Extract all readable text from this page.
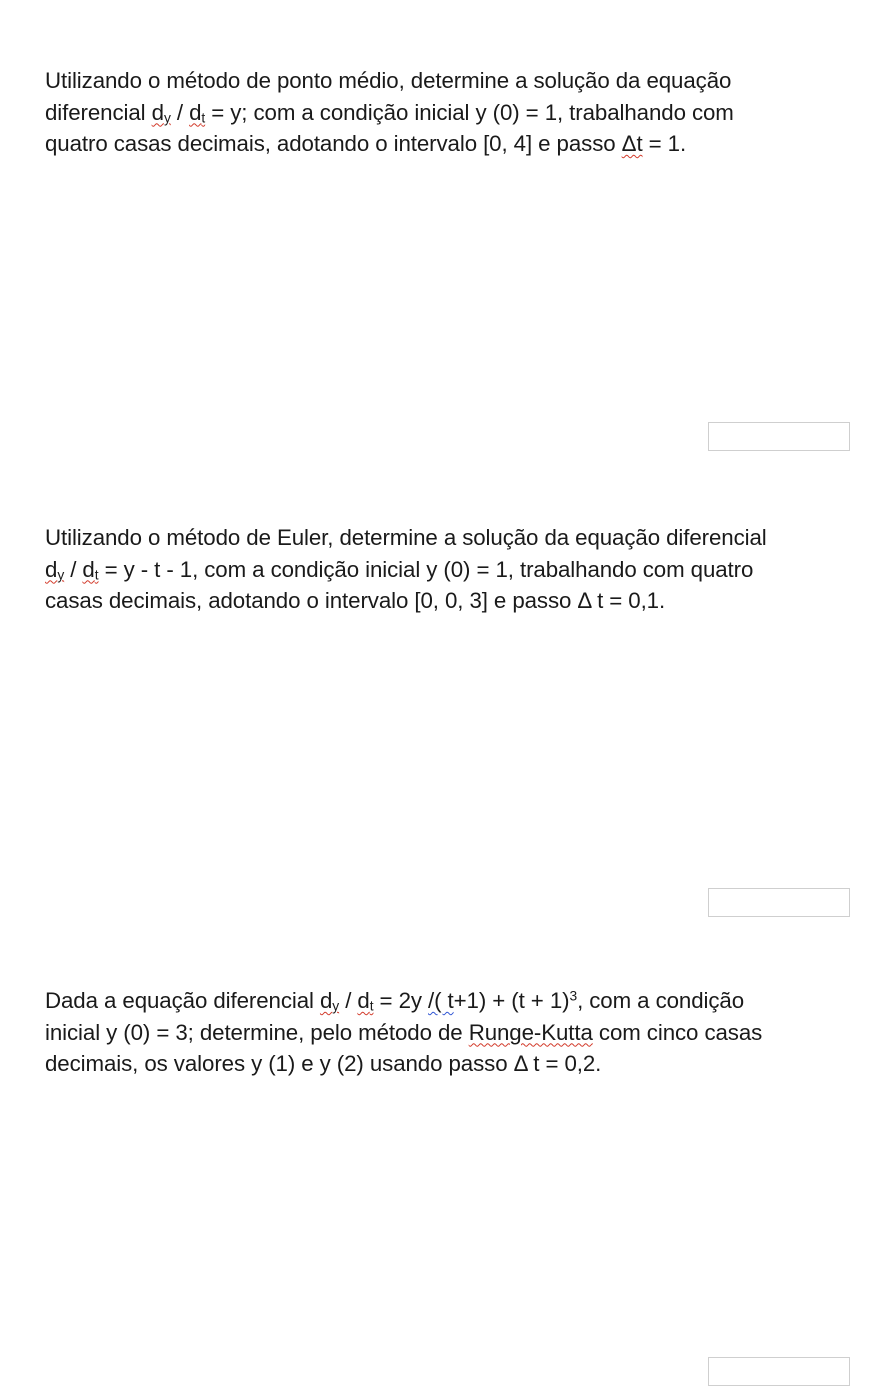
Utilizando o método de ponto médio, determine a solução da equação
diferencial $d_y / d_t = y$; com a condição inicial y (0) = 1, trabalhando com
quatro casas decimais, adotando o intervalo [0, 4] e passo Δt = 1.
Utilizando o método de Euler, determine a solução da equação diferencial
$d_y / d_t = y - t - 1$, com a condição inicial y (0) = 1, trabalhando com quatro
casas decimais, adotando o intervalo [0, 0, 3] e passo Δ t = 0,1.
Dada a equação diferencial $d_y / d_t = 2y$ /( $t+1) + (t + 1)^3$, com a condição
inicial y (0) = 3; determine, pelo método de Runge-Kutta com cinco casas
decimais, os valores y (1) e y (2) usando passo Δ t = 0,2.
